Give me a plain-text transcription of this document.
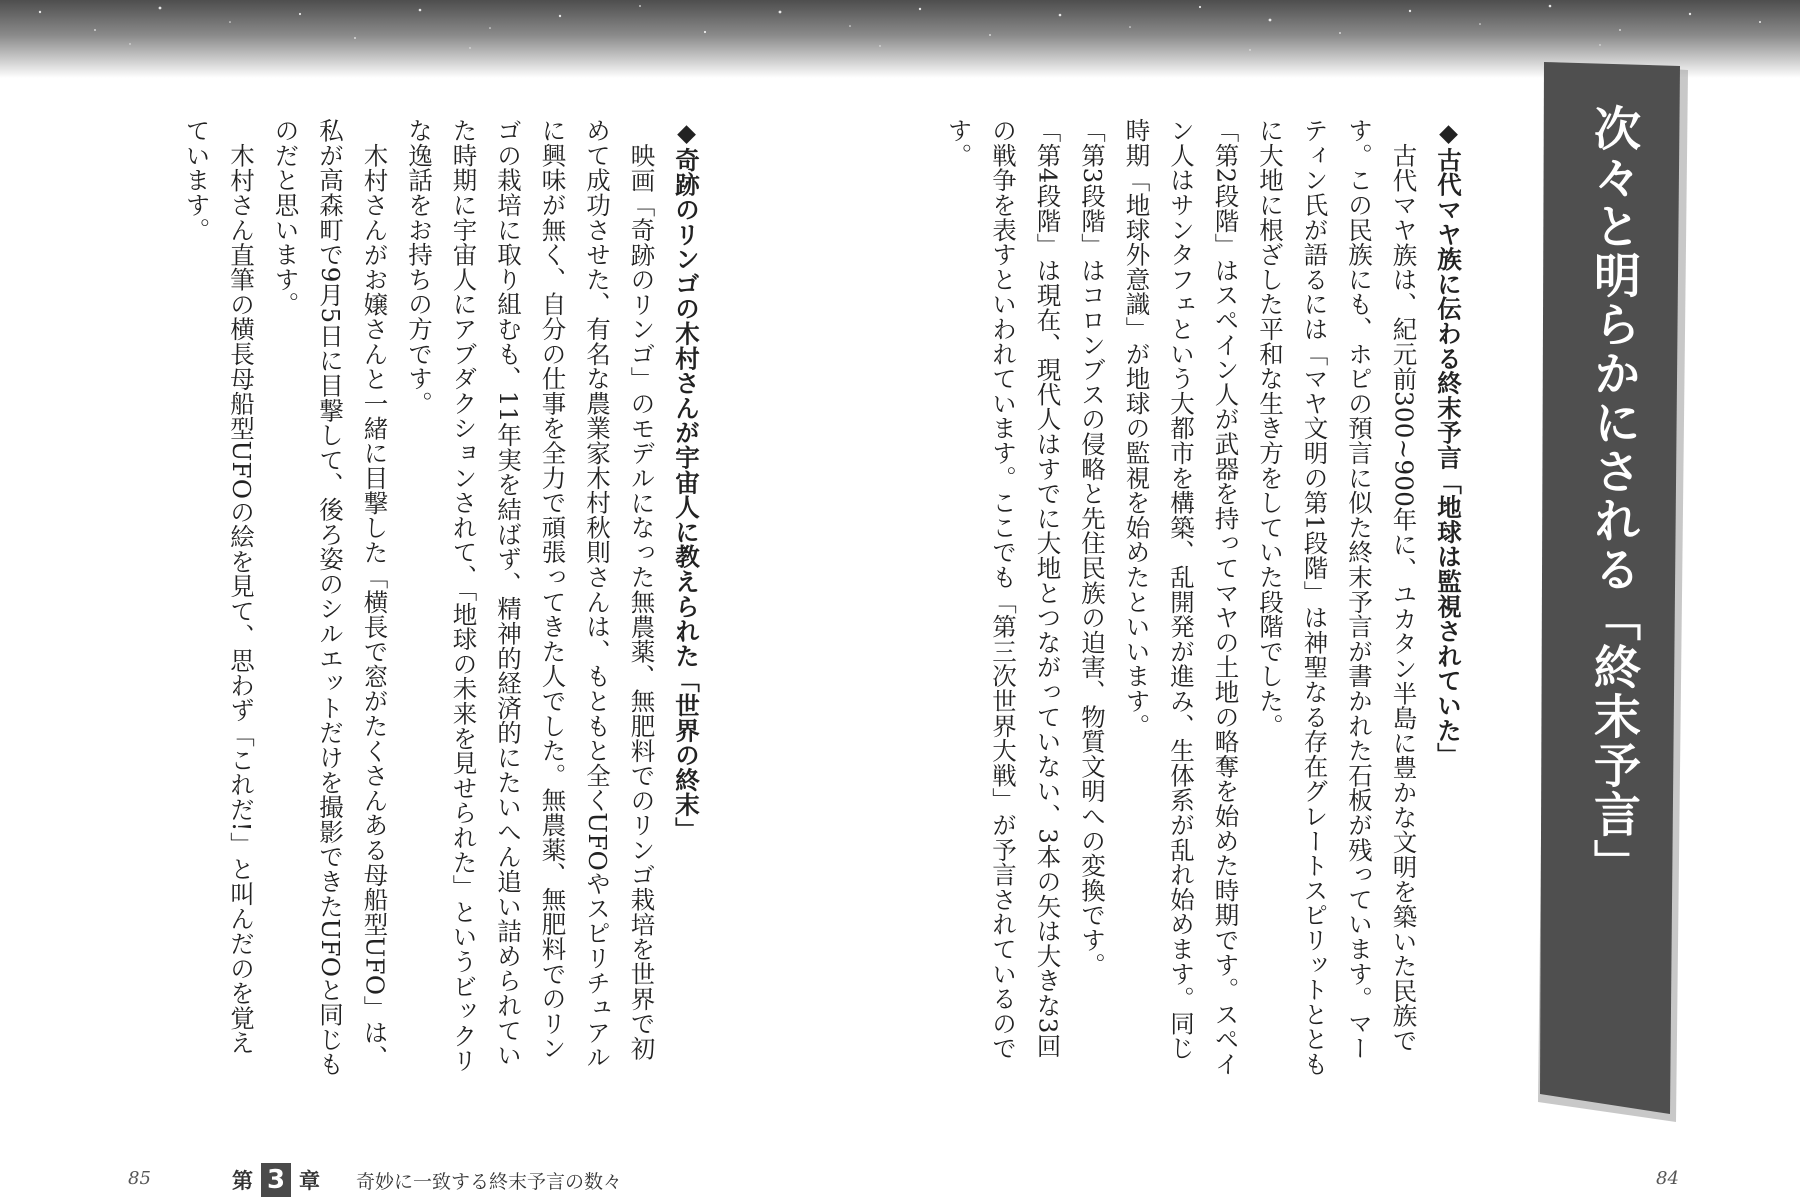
次々と明らかにされる「終末予言」
◆古代マヤ族に伝わる終末予言「地球は監視されていた」
古代マヤ族は、紀元前300~900年に、ユカタン半島に豊かな文明を築いた民族です。この民族にも、ホピの預言に似た終末予言が書かれた石板が残っています。マーティン氏が語るには「マヤ文明の第1段階」は神聖なる存在グレートスピリットとともに大地に根ざした平和な生き方をしていた段階でした。
「第2段階」はスペイン人が武器を持ってマヤの土地の略奪を始めた時期です。スペイン人はサンタフェという大都市を構築、乱開発が進み、生体系が乱れ始めます。同じ時期「地球外意識」が地球の監視を始めたといいます。
「第3段階」はコロンブスの侵略と先住民族の迫害、物質文明への変換です。
「第4段階」は現在、現代人はすでに大地とつながっていない、3本の矢は大きな3回の戦争を表すといわれています。ここでも「第三次世界大戦」が予言されているのです。
◆奇跡のリンゴの木村さんが宇宙人に教えられた「世界の終末」
映画「奇跡のリンゴ」のモデルになった無農薬、無肥料でのリンゴ栽培を世界で初めて成功させた、有名な農業家木村秋則さんは、もともと全くUFOやスピリチュアルに興味が無く、自分の仕事を全力で頑張ってきた人でした。無農薬、無肥料でのリンゴの栽培に取り組むも、11年実を結ばず、精神的経済的にたいへん追い詰められていた時期に宇宙人にアブダクションされて、「地球の未来を見せられた」というビックリな逸話をお持ちの方です。
木村さんがお嬢さんと一緒に目撃した「横長で窓がたくさんある母船型UFO」は、私が高森町で9月5日に目撃して、後ろ姿のシルエットだけを撮影できたUFOと同じものだと思います。
木村さん直筆の横長母船型UFOの絵を見て、思わず「これだ!」と叫んだのを覚えています。
85	84
第 3 章 奇妙に一致する終末予言の数々
